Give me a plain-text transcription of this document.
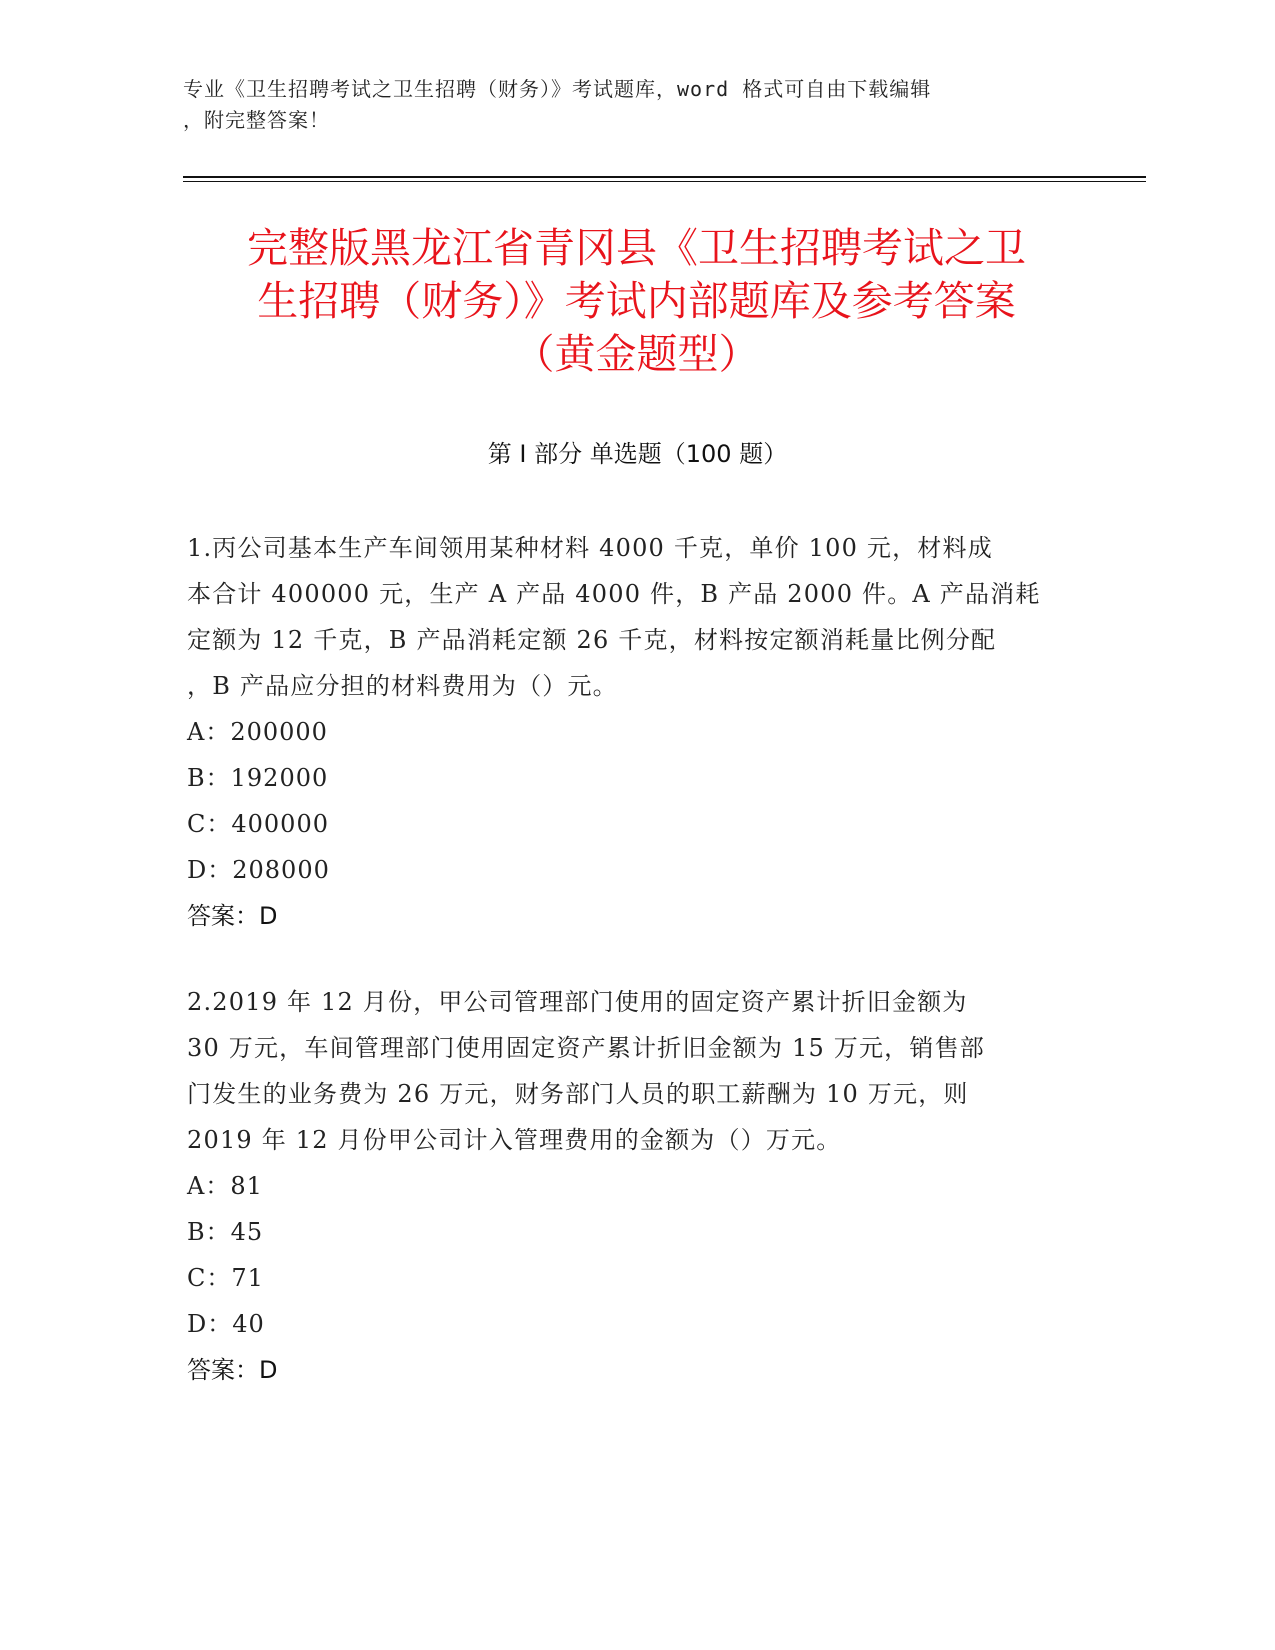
专业《卫生招聘考试之卫生招聘（财务）》考试题库，word 格式可自由下载编辑
，附完整答案！
完整版黑龙江省青冈县《卫生招聘考试之卫
生招聘（财务）》考试内部题库及参考答案
（黄金题型）
第 I 部分 单选题（100 题）
1.丙公司基本生产车间领用某种材料 4000 千克，单价 100 元，材料成
本合计 400000 元，生产 A 产品 4000 件，B 产品 2000 件。A 产品消耗
定额为 12 千克，B 产品消耗定额 26 千克，材料按定额消耗量比例分配
，B 产品应分担的材料费用为（）元。
A：200000
B：192000
C：400000
D：208000
答案：D
2.2019 年 12 月份，甲公司管理部门使用的固定资产累计折旧金额为
30 万元，车间管理部门使用固定资产累计折旧金额为 15 万元，销售部
门发生的业务费为 26 万元，财务部门人员的职工薪酬为 10 万元，则
2019 年 12 月份甲公司计入管理费用的金额为（）万元。
A：81
B：45
C：71
D：40
答案：D
